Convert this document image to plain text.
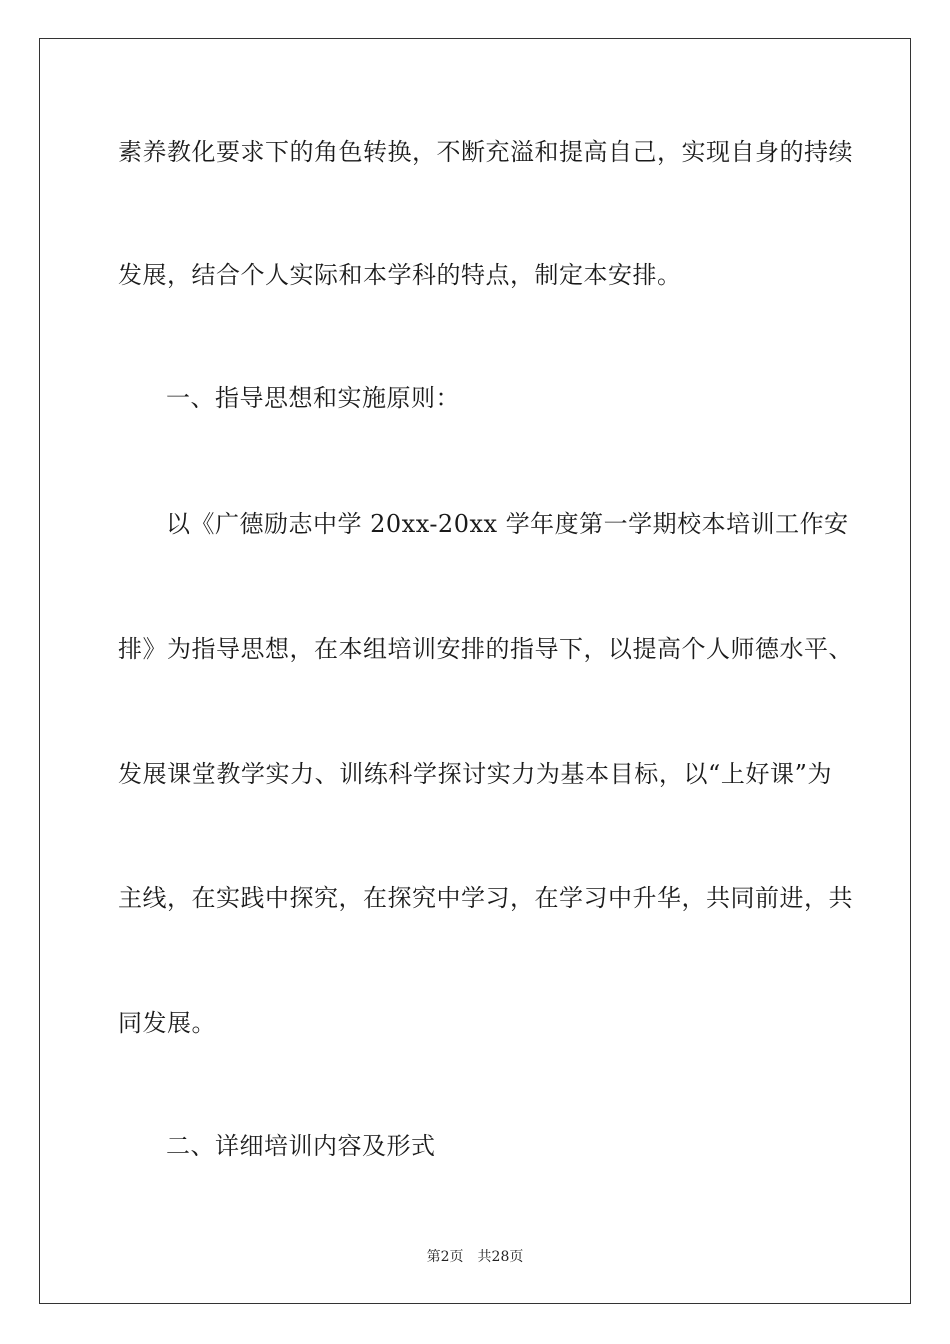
素养教化要求下的角色转换，不断充溢和提高自己，实现自身的持续
发展，结合个人实际和本学科的特点，制定本安排。
一、指导思想和实施原则：
以《广德励志中学 20xx-20xx 学年度第一学期校本培训工作安
排》为指导思想，在本组培训安排的指导下，以提高个人师德水平、
发展课堂教学实力、训练科学探讨实力为基本目标，以“上好课”为
主线，在实践中探究，在探究中学习，在学习中升华，共同前进，共
同发展。
二、详细培训内容及形式
第2页 共28页
